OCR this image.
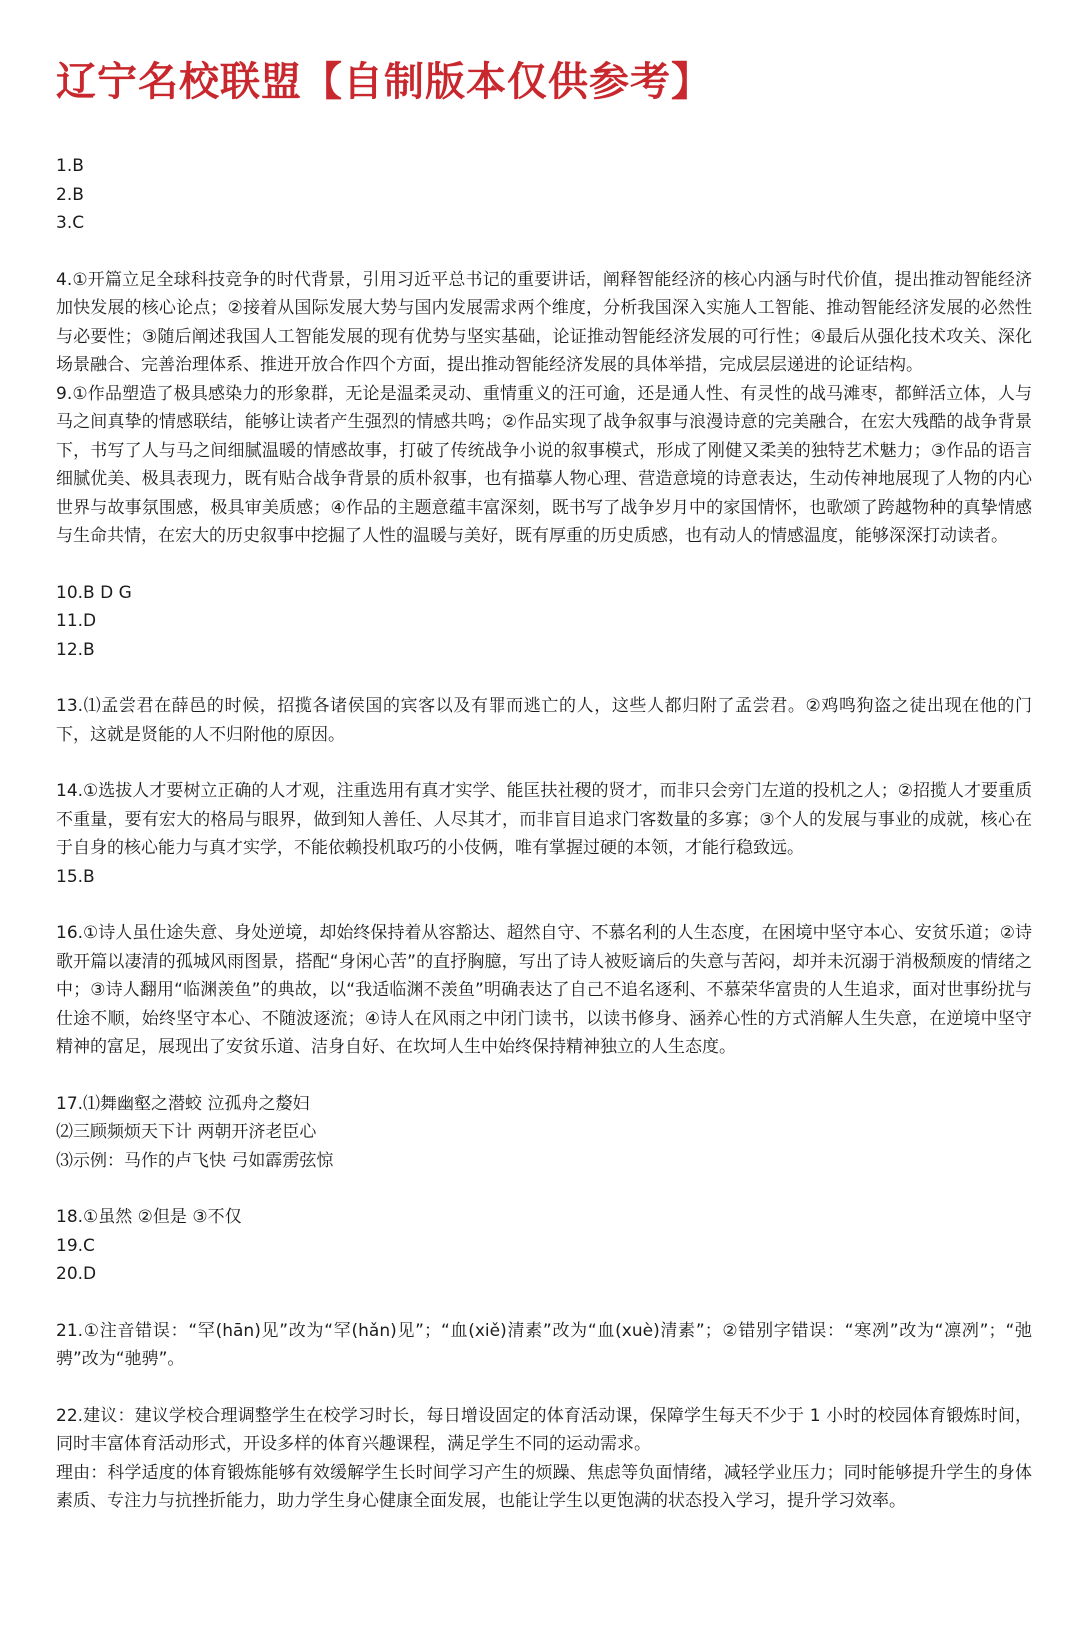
辽宁名校联盟【自制版本仅供参考】
1.B
2.B
3.C
4.①开篇立足全球科技竞争的时代背景，引用习近平总书记的重要讲话，阐释智能经济的核心内涵与时代价值，提出推动智能经济加快发展的核心论点；②接着从国际发展大势与国内发展需求两个维度，分析我国深入实施人工智能、推动智能经济发展的必然性与必要性；③随后阐述我国人工智能发展的现有优势与坚实基础，论证推动智能经济发展的可行性；④最后从强化技术攻关、深化场景融合、完善治理体系、推进开放合作四个方面，提出推动智能经济发展的具体举措，完成层层递进的论证结构。
9.①作品塑造了极具感染力的形象群，无论是温柔灵动、重情重义的汪可逾，还是通人性、有灵性的战马滩枣，都鲜活立体，人与马之间真挚的情感联结，能够让读者产生强烈的情感共鸣；②作品实现了战争叙事与浪漫诗意的完美融合，在宏大残酷的战争背景下，书写了人与马之间细腻温暖的情感故事，打破了传统战争小说的叙事模式，形成了刚健又柔美的独特艺术魅力；③作品的语言细腻优美、极具表现力，既有贴合战争背景的质朴叙事，也有描摹人物心理、营造意境的诗意表达，生动传神地展现了人物的内心世界与故事氛围感，极具审美质感；④作品的主题意蕴丰富深刻，既书写了战争岁月中的家国情怀，也歌颂了跨越物种的真挚情感与生命共情，在宏大的历史叙事中挖掘了人性的温暖与美好，既有厚重的历史质感，也有动人的情感温度，能够深深打动读者。
10.B D G
11.D
12.B
13.⑴孟尝君在薛邑的时候，招揽各诸侯国的宾客以及有罪而逃亡的人，这些人都归附了孟尝君。②鸡鸣狗盗之徒出现在他的门下，这就是贤能的人不归附他的原因。
14.①选拔人才要树立正确的人才观，注重选用有真才实学、能匡扶社稷的贤才，而非只会旁门左道的投机之人；②招揽人才要重质不重量，要有宏大的格局与眼界，做到知人善任、人尽其才，而非盲目追求门客数量的多寡；③个人的发展与事业的成就，核心在于自身的核心能力与真才实学，不能依赖投机取巧的小伎俩，唯有掌握过硬的本领，才能行稳致远。
15.B
16.①诗人虽仕途失意、身处逆境，却始终保持着从容豁达、超然自守、不慕名利的人生态度，在困境中坚守本心、安贫乐道；②诗歌开篇以凄清的孤城风雨图景，搭配“身闲心苦”的直抒胸臆，写出了诗人被贬谪后的失意与苦闷，却并未沉溺于消极颓废的情绪之中；③诗人翻用“临渊羡鱼”的典故，以“我适临渊不羡鱼”明确表达了自己不追名逐利、不慕荣华富贵的人生追求，面对世事纷扰与仕途不顺，始终坚守本心、不随波逐流；④诗人在风雨之中闭门读书，以读书修身、涵养心性的方式消解人生失意，在逆境中坚守精神的富足，展现出了安贫乐道、洁身自好、在坎坷人生中始终保持精神独立的人生态度。
17.⑴舞幽壑之潜蛟 泣孤舟之嫠妇
⑵三顾频烦天下计 两朝开济老臣心
⑶示例：马作的卢飞快 弓如霹雳弦惊
18.①虽然 ②但是 ③不仅
19.C
20.D
21.①注音错误：“罕(hān)见”改为“罕(hǎn)见”；“血(xiě)清素”改为“血(xuè)清素”；②错别字错误：“寒冽”改为“凛冽”；“弛骋”改为“驰骋”。
22.建议：建议学校合理调整学生在校学习时长，每日增设固定的体育活动课，保障学生每天不少于 1 小时的校园体育锻炼时间，同时丰富体育活动形式，开设多样的体育兴趣课程，满足学生不同的运动需求。
理由：科学适度的体育锻炼能够有效缓解学生长时间学习产生的烦躁、焦虑等负面情绪，减轻学业压力；同时能够提升学生的身体素质、专注力与抗挫折能力，助力学生身心健康全面发展，也能让学生以更饱满的状态投入学习，提升学习效率。
